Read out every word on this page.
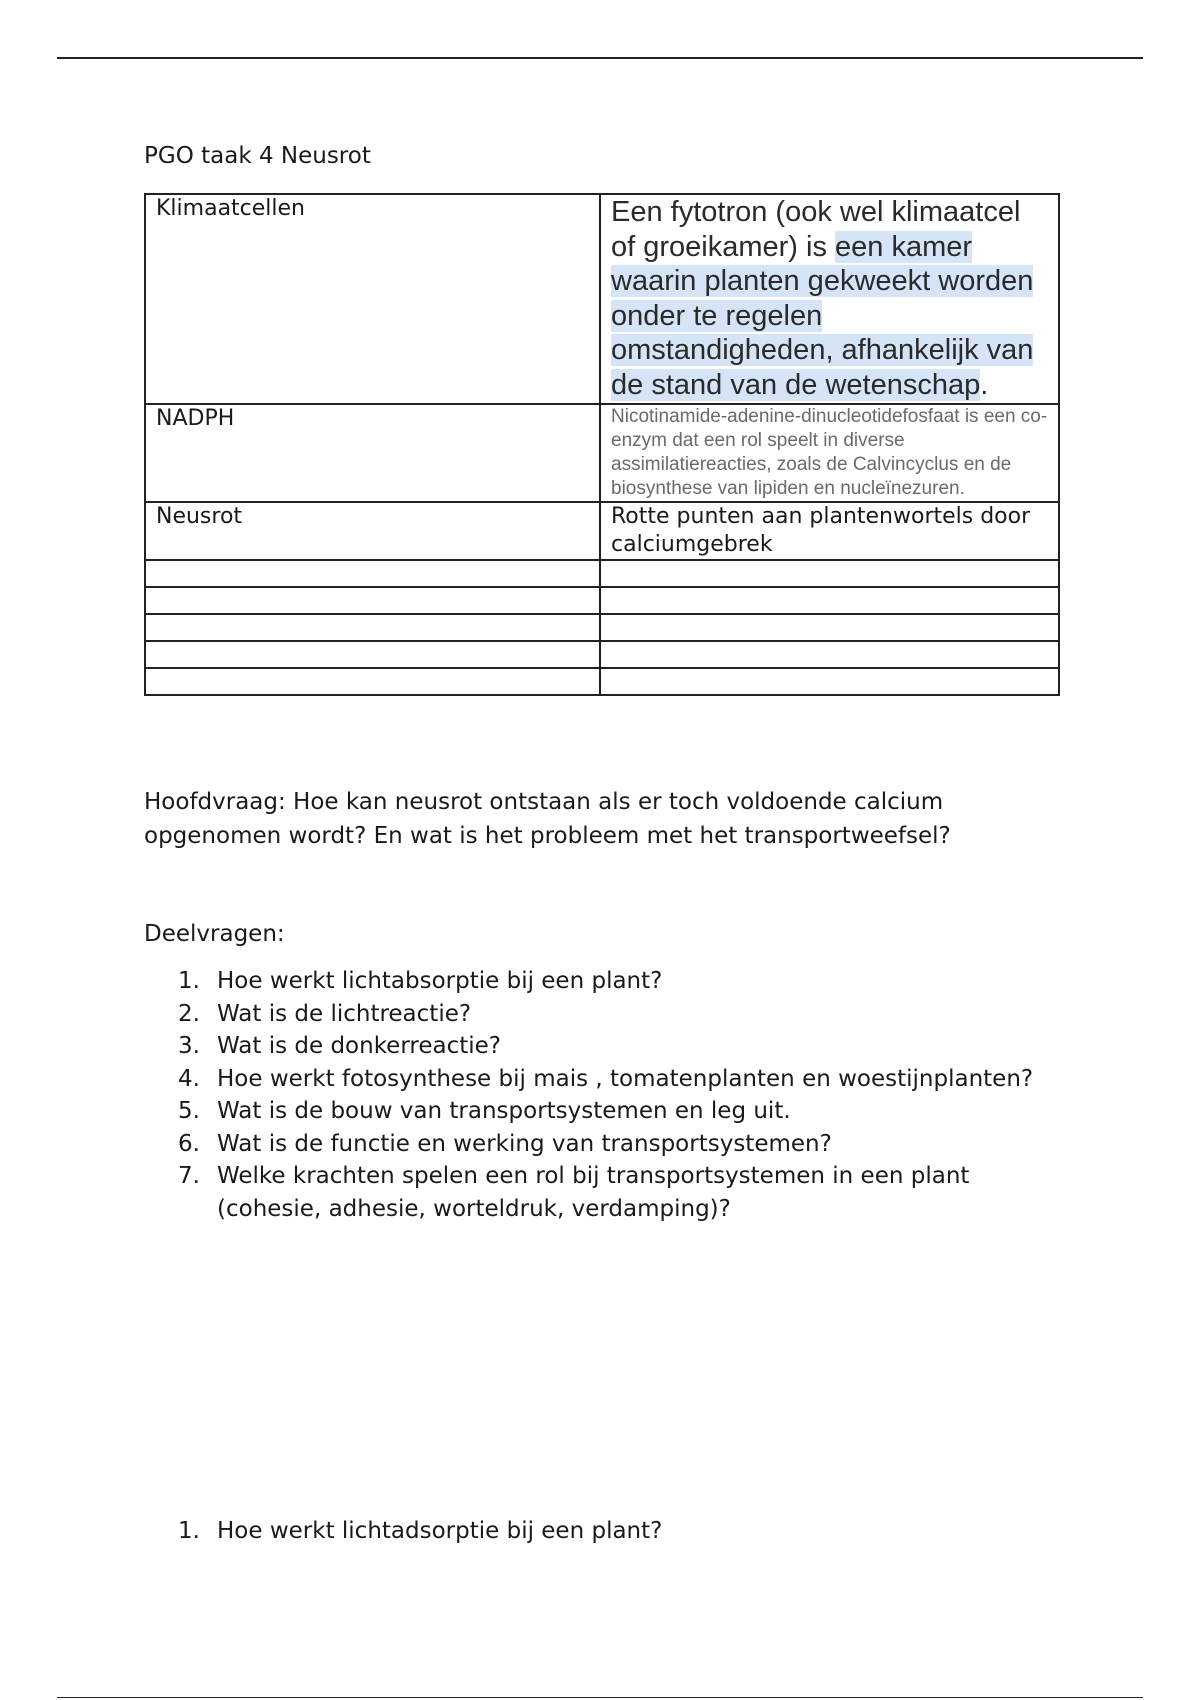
PGO taak 4 Neusrot
Klimaatcellen	Een fytotron (ook wel klimaatcel of groeikamer) is een kamer waarin planten gekweekt worden onder te regelen omstandigheden, afhankelijk van de stand van de wetenschap.
NADPH	Nicotinamide-adenine-dinucleotidefosfaat is een co-enzym dat een rol speelt in diverse assimilatiereacties, zoals de Calvincyclus en de biosynthese van lipiden en nucleïnezuren.
Neusrot	Rotte punten aan plantenwortels door calciumgebrek

Hoofdvraag: Hoe kan neusrot ontstaan als er toch voldoende calcium opgenomen wordt? En wat is het probleem met het transportweefsel?
Deelvragen:
1. Hoe werkt lichtabsorptie bij een plant?
2. Wat is de lichtreactie?
3. Wat is de donkerreactie?
4. Hoe werkt fotosynthese bij mais , tomatenplanten en woestijnplanten?
5. Wat is de bouw van transportsystemen en leg uit.
6. Wat is de functie en werking van transportsystemen?
7. Welke krachten spelen een rol bij transportsystemen in een plant (cohesie, adhesie, worteldruk, verdamping)?
1. Hoe werkt lichtadsorptie bij een plant?
